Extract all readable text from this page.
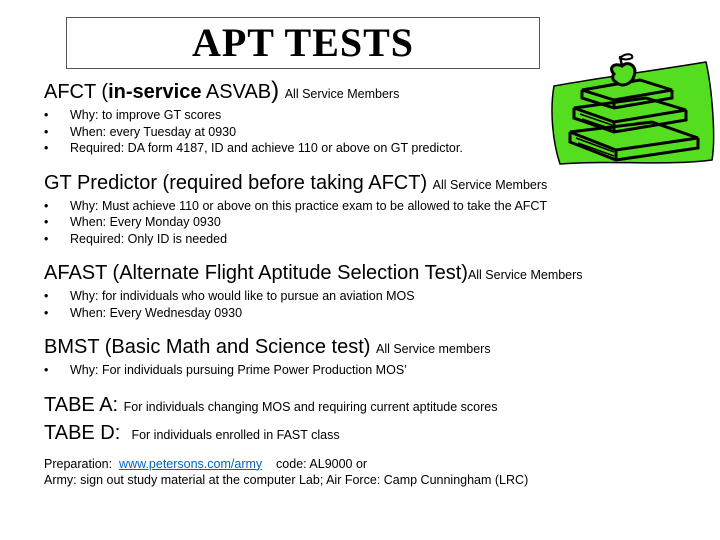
APT TESTS
AFCT (in-service ASVAB) All Service Members
• Why: to improve GT scores
• When: every Tuesday at 0930
• Required: DA form 4187, ID and achieve 110 or above on GT predictor.
GT Predictor (required before taking AFCT) All Service Members
• Why: Must achieve 110 or above on this practice exam to be allowed to take the AFCT
• When: Every Monday 0930
• Required: Only ID is needed
AFAST (Alternate Flight Aptitude Selection Test)All Service Members
• Why: for individuals who would like to pursue an aviation MOS
• When: Every Wednesday 0930
BMST (Basic Math and Science test) All Service members
• Why: For individuals pursuing Prime Power Production MOS’
TABE A: For individuals changing MOS and requiring current aptitude scores
TABE D: For individuals enrolled in FAST class
Preparation:  www.petersons.com/army    code: AL9000 or
Army: sign out study material at the computer Lab; Air Force: Camp Cunningham (LRC)
